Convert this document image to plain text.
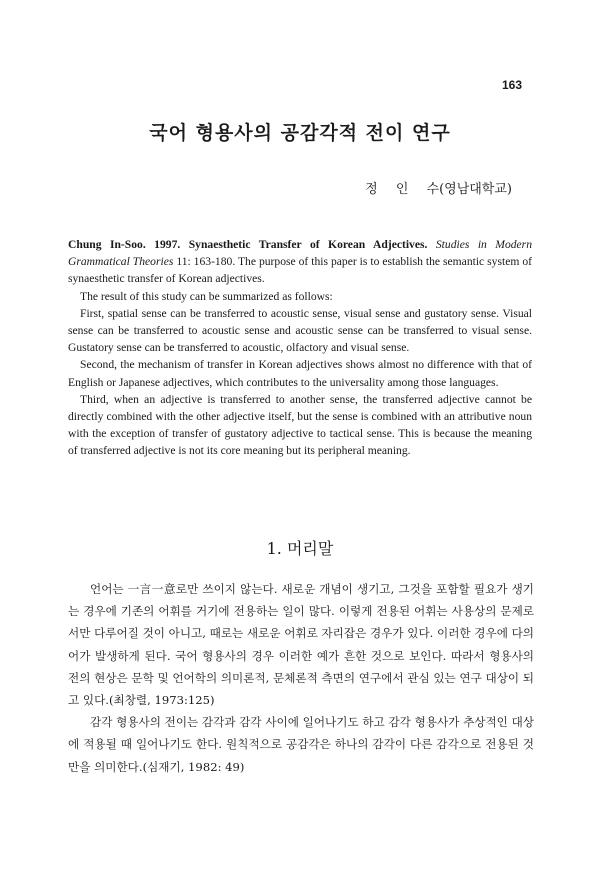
163
국어 형용사의 공감각적 전이 연구
정 인 수(영남대학교)

Chung In-Soo. 1997. Synaesthetic Transfer of Korean Adjectives. Studies in Modern Grammatical Theories 11: 163-180. The purpose of this paper is to establish the semantic system of synaesthetic transfer of Korean adjectives.

The result of this study can be summarized as follows:

First, spatial sense can be transferred to acoustic sense, visual sense and gustatory sense. Visual sense can be transferred to acoustic sense and acoustic sense can be transferred to visual sense. Gustatory sense can be transferred to acoustic, olfactory and visual sense.

Second, the mechanism of transfer in Korean adjectives shows almost no difference with that of English or Japanese adjectives, which contributes to the universality among those languages.

Third, when an adjective is transferred to another sense, the transferred adjective cannot be directly combined with the other adjective itself, but the sense is combined with an attributive noun with the exception of transfer of gustatory adjective to tactical sense. This is because the meaning of transferred adjective is not its core meaning but its peripheral meaning.

1. 머리말

언어는 一言一意로만 쓰이지 않는다. 새로운 개념이 생기고, 그것을 포함할 필요가 생기는 경우에 기존의 어휘를 거기에 전용하는 일이 많다. 이렇게 전용된 어휘는 사용상의 문제로서만 다루어질 것이 아니고, 때로는 새로운 어휘로 자리잡은 경우가 있다. 이러한 경우에 다의어가 발생하게 된다. 국어 형용사의 경우 이러한 예가 흔한 것으로 보인다. 따라서 형용사의 전의 현상은 문학 및 언어학의 의미론적, 문체론적 측면의 연구에서 관심 있는 연구 대상이 되고 있다.(최창렬, 1973:125)

감각 형용사의 전이는 감각과 감각 사이에 일어나기도 하고 감각 형용사가 추상적인 대상에 적용될 때 일어나기도 한다. 원칙적으로 공감각은 하나의 감각이 다른 감각으로 전용된 것만을 의미한다.(심재기, 1982: 49)
